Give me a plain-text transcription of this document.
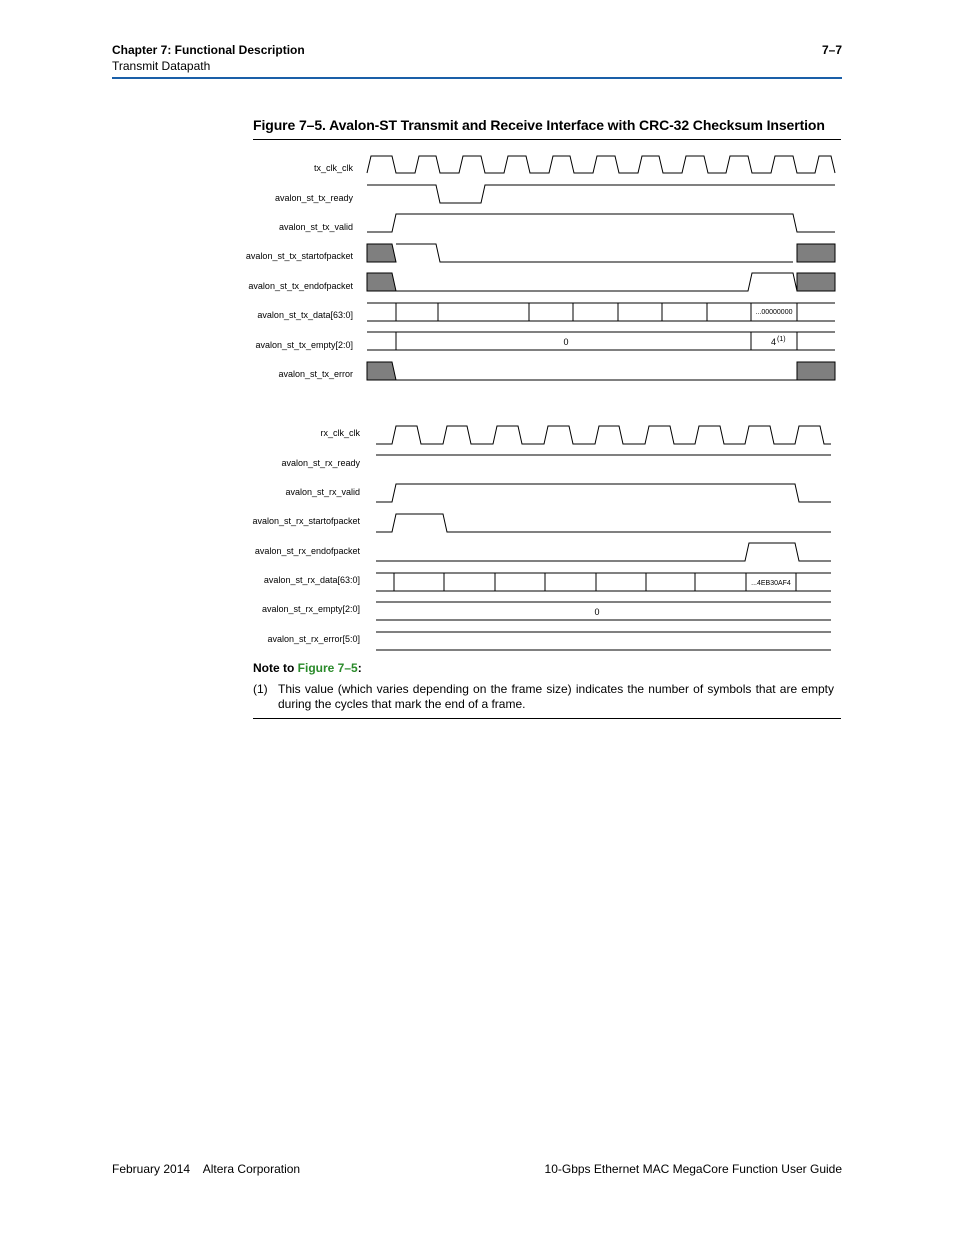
Chapter 7: Functional Description
Transmit Datapath
7–7
Figure 7–5. Avalon-ST Transmit and Receive Interface with CRC-32 Checksum Insertion
tx_clk_clk
avalon_st_tx_ready
avalon_st_tx_valid
avalon_st_tx_startofpacket
avalon_st_tx_endofpacket
avalon_st_tx_data[63:0]
avalon_st_tx_empty[2:0]
avalon_st_tx_error
...00000000
0	4 (1)
rx_clk_clk
avalon_st_rx_ready
avalon_st_rx_valid
avalon_st_rx_startofpacket
avalon_st_rx_endofpacket
avalon_st_rx_data[63:0]
avalon_st_rx_empty[2:0]
avalon_st_rx_error[5:0]
...4EB30AF4
0
Note to Figure 7–5:
(1) This value (which varies depending on the frame size) indicates the number of symbols that are empty during the cycles that mark the end of a frame.
February 2014    Altera Corporation	10-Gbps Ethernet MAC MegaCore Function User Guide
